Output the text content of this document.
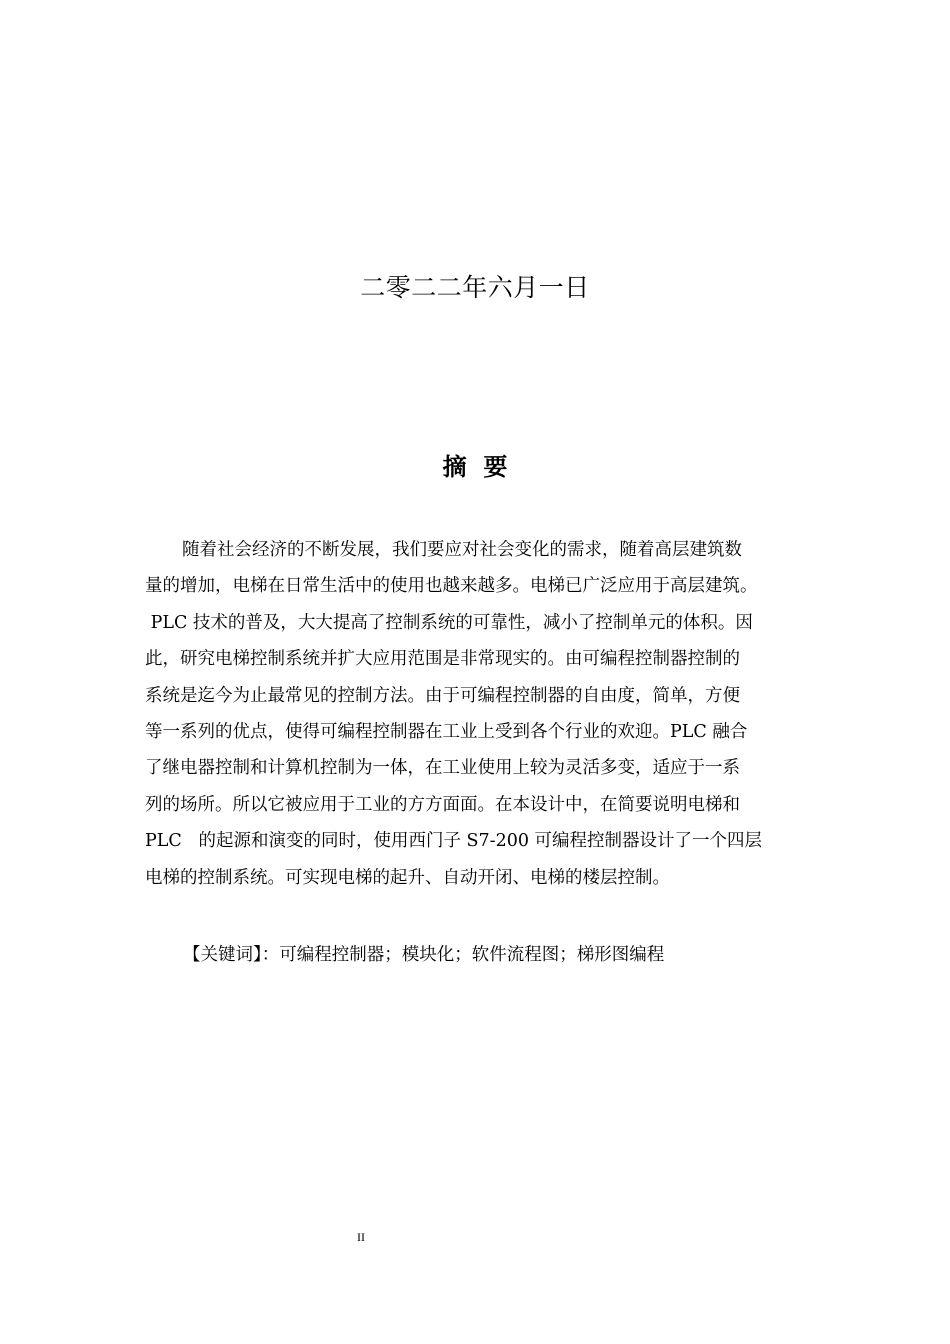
二零二二年六月一日
摘  要
随着社会经济的不断发展，我们要应对社会变化的需求，随着高层建筑数
量的增加，电梯在日常生活中的使用也越来越多。电梯已广泛应用于高层建筑。
PLC 技术的普及，大大提高了控制系统的可靠性，减小了控制单元的体积。因
此，研究电梯控制系统并扩大应用范围是非常现实的。由可编程控制器控制的
系统是迄今为止最常见的控制方法。由于可编程控制器的自由度，简单，方便
等一系列的优点，使得可编程控制器在工业上受到各个行业的欢迎。PLC 融合
了继电器控制和计算机控制为一体，在工业使用上较为灵活多变，适应于一系
列的场所。所以它被应用于工业的方方面面。在本设计中，在简要说明电梯和
PLC   的起源和演变的同时，使用西门子 S7-200 可编程控制器设计了一个四层
电梯的控制系统。可实现电梯的起升、自动开闭、电梯的楼层控制。
【关键词】：可编程控制器；模块化；软件流程图；梯形图编程
II
